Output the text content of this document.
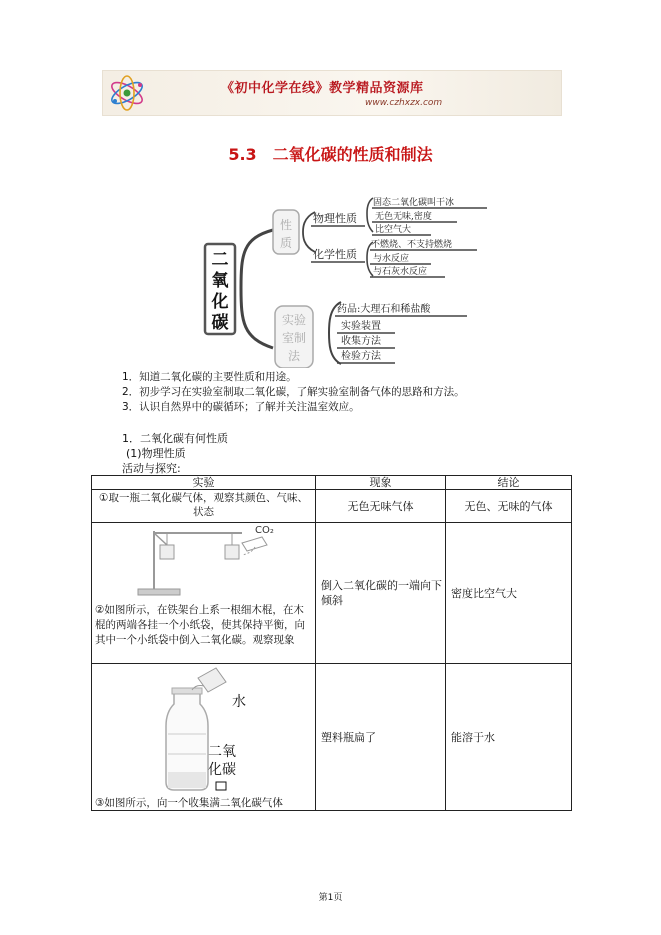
《初中化学在线》教学精品资源库
www.czhxzx.com
5.3　二氧化碳的性质和制法
二
氧
化
碳
性
质
物理性质
固态二氧化碳叫干冰
无色无味,密度
比空气大
化学性质
不燃烧、不支持燃烧
与水反应
与石灰水反应
实验
室制
法
药品:大理石和稀盐酸
实验装置
收集方法
检验方法
1．知道二氧化碳的主要性质和用途。
2．初步学习在实验室制取二氧化碳，了解实验室制备气体的思路和方法。
3．认识自然界中的碳循环；了解并关注温室效应。
1．二氧化碳有何性质
(1)物理性质
活动与探究:
实验	现象	结论
①取一瓶二氧化碳气体，观察其颜色、气味、状态	无色无味气体	无色、无味的气体

CO₂
②如图所示，在铁架台上系一根细木棍，在木棍的两端各挂一个小纸袋，使其保持平衡，向其中一个小纸袋中倒入二氧化碳。观察现象	倒入二氧化碳的一端向下倾斜	密度比空气大

水
二氧
化碳
③如图所示，向一个收集满二氧化碳气体	塑料瓶扁了	能溶于水
第1页
